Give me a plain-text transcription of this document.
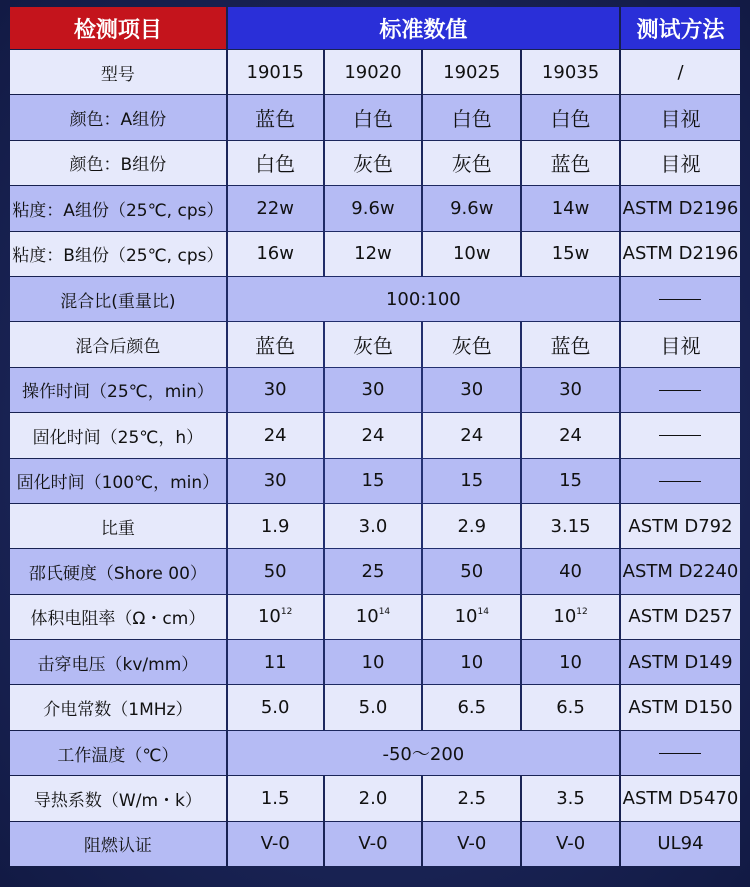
检测项目	标准数值				测试方法
型号	19015	19020	19025	19035	/
颜色：A组份	蓝色	白色	白色	白色	目视
颜色：B组份	白色	灰色	灰色	蓝色	目视
粘度：A组份（25℃, cps）	22w	9.6w	9.6w	14w	ASTM D2196
粘度：B组份（25℃, cps）	16w	12w	10w	15w	ASTM D2196
混合比(重量比)	100:100				
混合后颜色	蓝色	灰色	灰色	蓝色	目视
操作时间（25℃，min）	30	30	30	30	
固化时间（25℃，h）	24	24	24	24	
固化时间（100℃，min）	30	15	15	15	
比重	1.9	3.0	2.9	3.15	ASTM D792
邵氏硬度（Shore 00）	50	25	50	40	ASTM D2240
体积电阻率（Ω・cm）	$10^{12}$	$10^{14}$	$10^{14}$	$10^{12}$	ASTM D257
击穿电压（kv/mm）	11	10	10	10	ASTM D149
介电常数（1MHz）	5.0	5.0	6.5	6.5	ASTM D150
工作温度（℃）	-50～200				
导热系数（W/m・k）	1.5	2.0	2.5	3.5	ASTM D5470
阻燃认证	V-0	V-0	V-0	V-0	UL94
